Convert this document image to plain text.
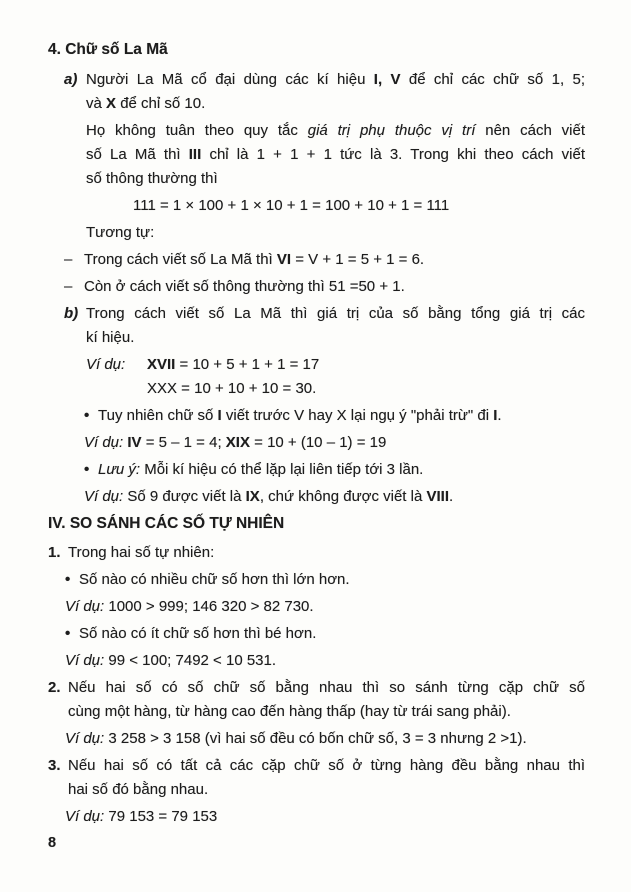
4. Chữ số La Mã
a) Người La Mã cổ đại dùng các kí hiệu I, V để chỉ các chữ số 1, 5;
và X để chỉ số 10.
Họ không tuân theo quy tắc giá trị phụ thuộc vị trí nên cách viết
số La Mã thì III chỉ là 1 + 1 + 1 tức là 3. Trong khi theo cách viết
số thông thường thì
111 = 1 × 100 + 1 × 10 + 1 = 100 + 10 + 1 = 111
Tương tự:
– Trong cách viết số La Mã thì VI = V + 1 = 5 + 1 = 6.
– Còn ở cách viết số thông thường thì 51 =50 + 1.
b) Trong cách viết số La Mã thì giá trị của số bằng tổng giá trị các
kí hiệu.
Ví dụ:	XVII = 10 + 5 + 1 + 1 = 17
XXX = 10 + 10 + 10 = 30.
• Tuy nhiên chữ số I viết trước V hay X lại ngụ ý "phải trừ" đi I.
Ví dụ: IV = 5 – 1 = 4; XIX = 10 + (10 – 1) = 19
• Lưu ý: Mỗi kí hiệu có thể lặp lại liên tiếp tới 3 lần.
Ví dụ: Số 9 được viết là IX, chứ không được viết là VIII.
IV. SO SÁNH CÁC SỐ TỰ NHIÊN
1. Trong hai số tự nhiên:
• Số nào có nhiều chữ số hơn thì lớn hơn.
Ví dụ: 1000 > 999; 146 320 > 82 730.
• Số nào có ít chữ số hơn thì bé hơn.
Ví dụ: 99 < 100; 7492 < 10 531.
2. Nếu hai số có số chữ số bằng nhau thì so sánh từng cặp chữ số
cùng một hàng, từ hàng cao đến hàng thấp (hay từ trái sang phải).
Ví dụ: 3 258 > 3 158 (vì hai số đều có bốn chữ số, 3 = 3 nhưng 2 >1).
3. Nếu hai số có tất cả các cặp chữ số ở từng hàng đều bằng nhau thì
hai số đó bằng nhau.
Ví dụ: 79 153 = 79 153
8
